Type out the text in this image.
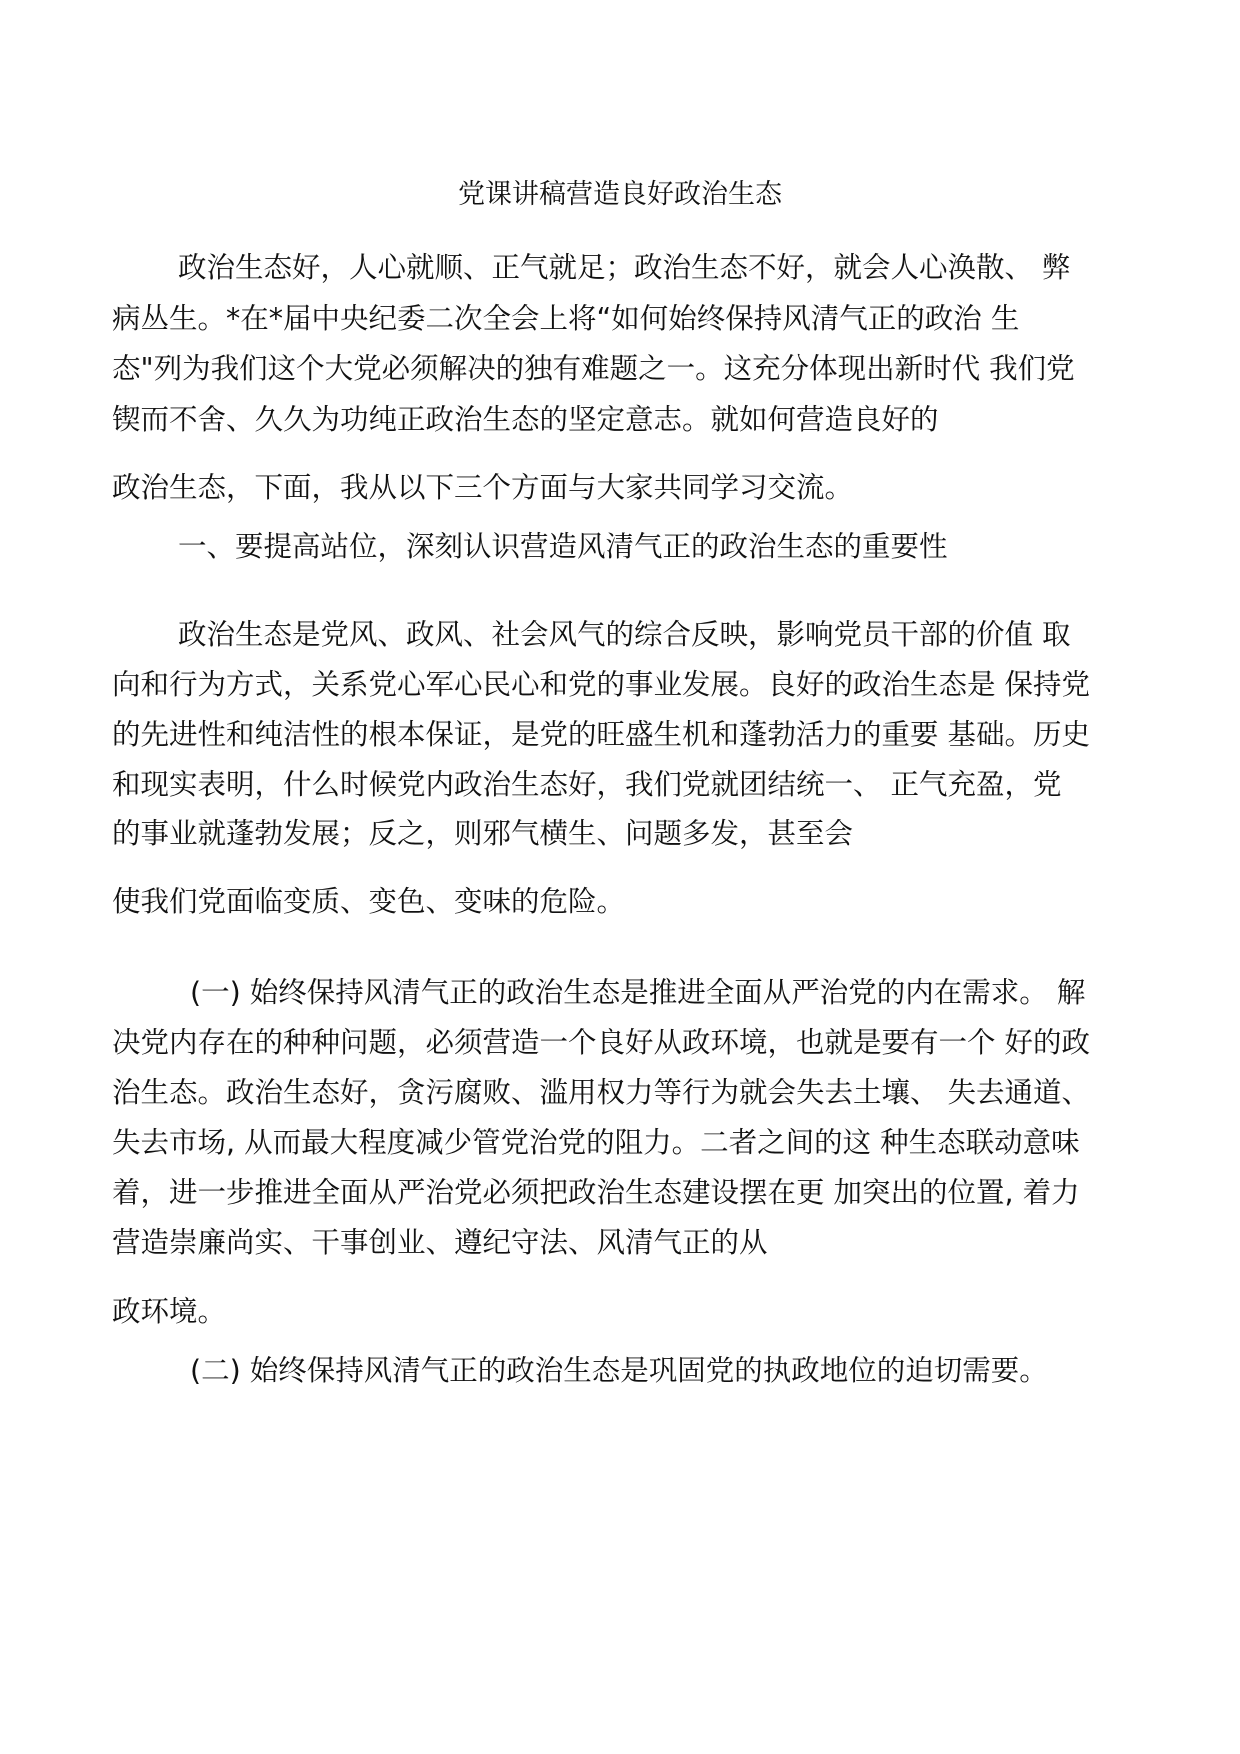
党课讲稿营造良好政治生态
政治生态好，人心就顺、正气就足；政治生态不好，就会人心涣散、 弊
病丛生。*在*届中央纪委二次全会上将“如何始终保持风清气正的政治 生
态"列为我们这个大党必须解决的独有难题之一。这充分体现出新时代 我们党
锲而不舍、久久为功纯正政治生态的坚定意志。就如何营造良好的
政治生态，下面，我从以下三个方面与大家共同学习交流。
一、要提高站位，深刻认识营造风清气正的政治生态的重要性
政治生态是党风、政风、社会风气的综合反映，影响党员干部的价值 取
向和行为方式，关系党心军心民心和党的事业发展。良好的政治生态是 保持党
的先进性和纯洁性的根本保证，是党的旺盛生机和蓬勃活力的重要 基础。历史
和现实表明，什么时候党内政治生态好，我们党就团结统一、 正气充盈，党
的事业就蓬勃发展；反之，则邪气横生、问题多发，甚至会
使我们党面临变质、变色、变味的危险。
(一) 始终保持风清气正的政治生态是推进全面从严治党的内在需求。 解
决党内存在的种种问题，必须营造一个良好从政环境，也就是要有一个 好的政
治生态。政治生态好，贪污腐败、滥用权力等行为就会失去土壤、 失去通道、
失去市场, 从而最大程度减少管党治党的阻力。二者之间的这 种生态联动意味
着，进一步推进全面从严治党必须把政治生态建设摆在更 加突出的位置, 着力
营造崇廉尚实、干事创业、遵纪守法、风清气正的从
政环境。
(二) 始终保持风清气正的政治生态是巩固党的执政地位的迫切需要。
